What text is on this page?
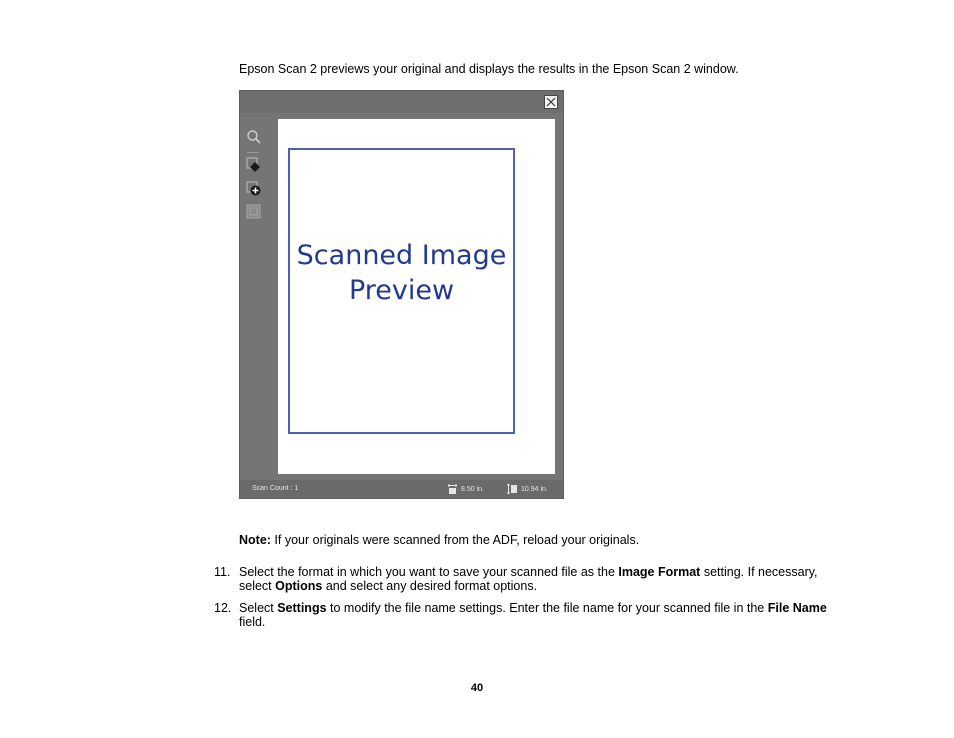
Epson Scan 2 previews your original and displays the results in the Epson Scan 2 window.
Scanned Image
Preview
Scan Count : 1	8.50 in.	10.94 in.
Note: If your originals were scanned from the ADF, reload your originals.
11. Select the format in which you want to save your scanned file as the Image Format setting. If necessary, select Options and select any desired format options.
12. Select Settings to modify the file name settings. Enter the file name for your scanned file in the File Name field.
40
